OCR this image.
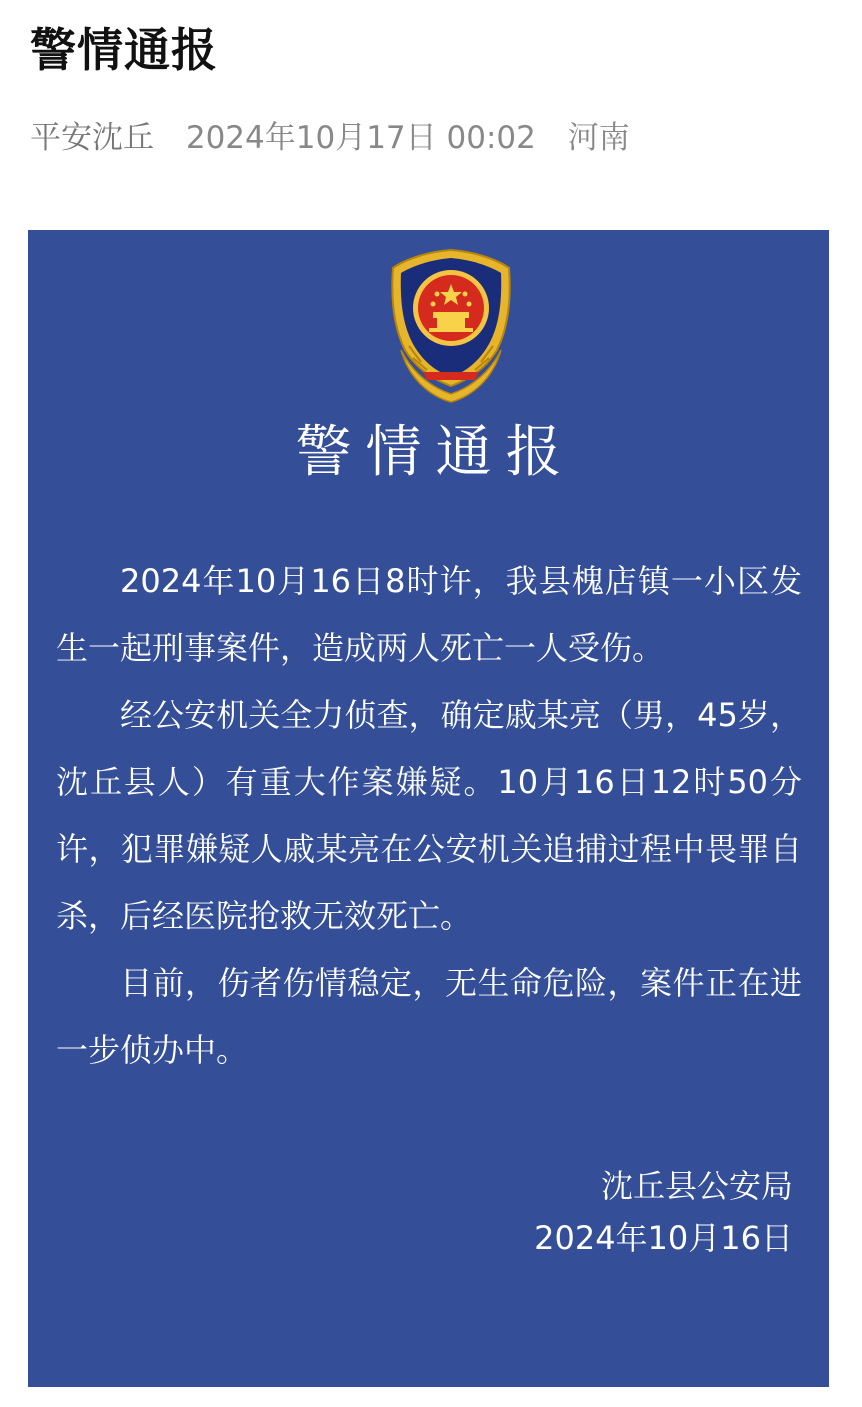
警情通报
平安沈丘 2024年10月17日 00:02 河南
警情通报

2024年10月16日8时许，我县槐店镇一小区发生一起刑事案件，造成两人死亡一人受伤。

经公安机关全力侦查，确定戚某亮（男，45岁，沈丘县人）有重大作案嫌疑。10月16日12时50分许，犯罪嫌疑人戚某亮在公安机关追捕过程中畏罪自杀，后经医院抢救无效死亡。

目前，伤者伤情稳定，无生命危险，案件正在进一步侦办中。

沈丘县公安局
2024年10月16日
